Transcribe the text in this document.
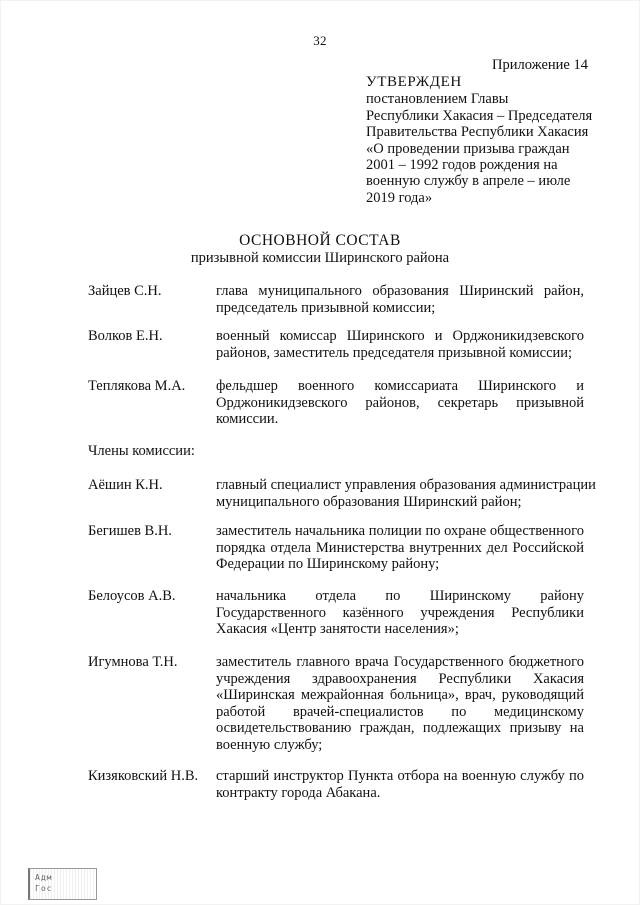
32
Приложение 14
УТВЕРЖДЕН
постановлением Главы
Республики Хакасия – Председателя
Правительства Республики Хакасия
«О проведении призыва граждан
2001 – 1992 годов рождения на
военную службу в апреле – июле
2019 года»
ОСНОВНОЙ СОСТАВ
призывной комиссии Ширинского района
Зайцев С.Н.	глава муниципального образования Ширинский район,
председатель призывной комиссии;
Волков Е.Н.	военный комиссар Ширинского и Орджоникидзевского
районов, заместитель председателя призывной комиссии;
Теплякова М.А. фельдшер военного комиссариата Ширинского и
Орджоникидзевского районов, секретарь призывной
комиссии.
Члены комиссии:
Аёшин К.Н.	главный специалист управления образования администрации
муниципального образования Ширинский район;
Бегишев В.Н.	заместитель начальника полиции по охране общественного
порядка отдела Министерства внутренних дел Российской
Федерации по Ширинскому району;
Белоусов А.В.	начальника отдела по Ширинскому району
Государственного казённого учреждения Республики
Хакасия «Центр занятости населения»;
Игумнова Т.Н.	заместитель главного врача Государственного бюджетного
учреждения здравоохранения Республики Хакасия
«Ширинская межрайонная больница», врач, руководящий
работой врачей-специалистов по медицинскому
освидетельствованию граждан, подлежащих призыву на
военную службу;
Кизяковский Н.В. старший инструктор Пункта отбора на военную службу по
контракту города Абакана.
Адм
Гос
